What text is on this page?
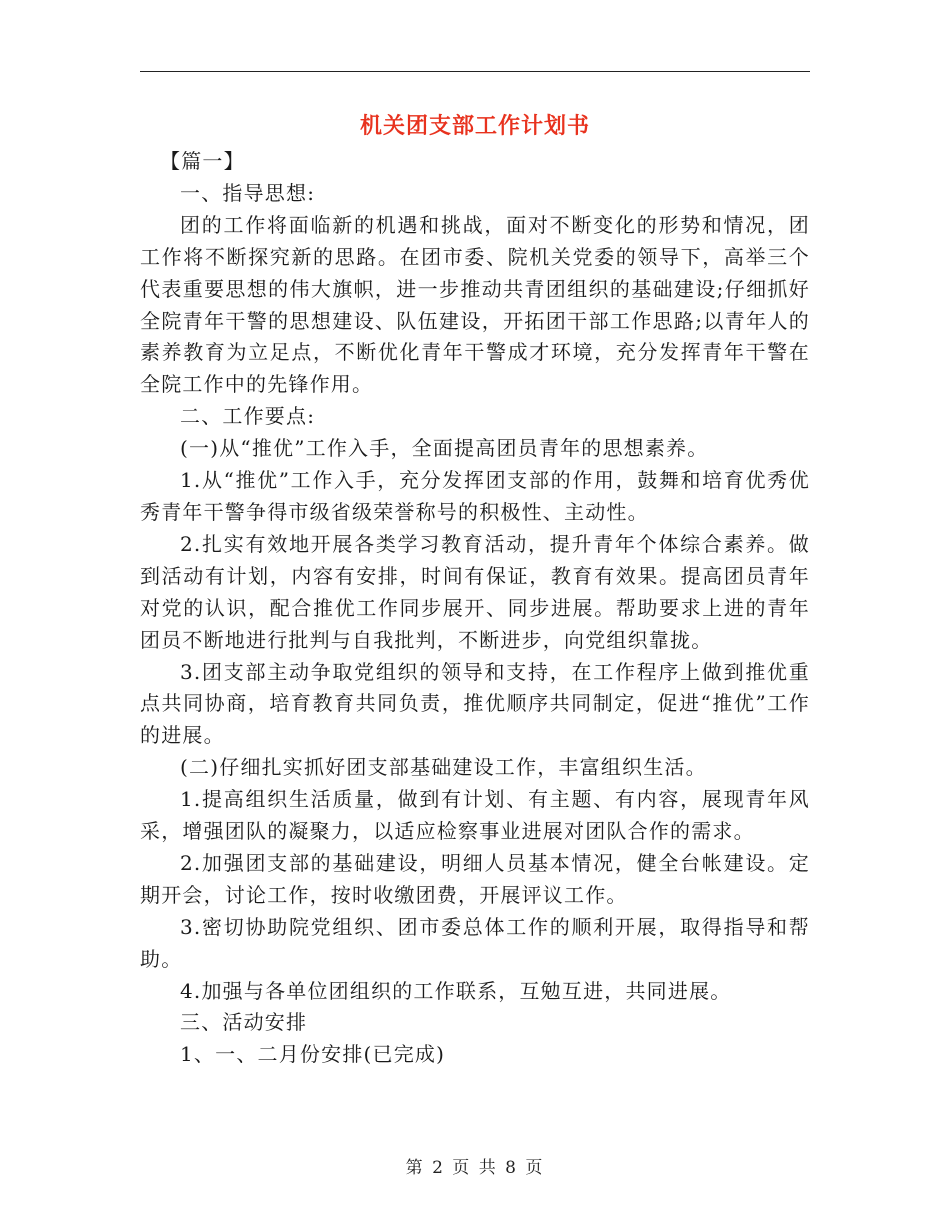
机关团支部工作计划书

【篇一】

一、指导思想:

团的工作将面临新的机遇和挑战，面对不断变化的形势和情况，团工作将不断探究新的思路。在团市委、院机关党委的领导下，高举三个代表重要思想的伟大旗帜，进一步推动共青团组织的基础建设;仔细抓好全院青年干警的思想建设、队伍建设，开拓团干部工作思路;以青年人的素养教育为立足点，不断优化青年干警成才环境，充分发挥青年干警在全院工作中的先锋作用。

二、工作要点:

(一)从“推优”工作入手，全面提高团员青年的思想素养。

1.从“推优”工作入手，充分发挥团支部的作用，鼓舞和培育优秀优秀青年干警争得市级省级荣誉称号的积极性、主动性。

2.扎实有效地开展各类学习教育活动，提升青年个体综合素养。做到活动有计划，内容有安排，时间有保证，教育有效果。提高团员青年对党的认识，配合推优工作同步展开、同步进展。帮助要求上进的青年团员不断地进行批判与自我批判，不断进步，向党组织靠拢。

3.团支部主动争取党组织的领导和支持，在工作程序上做到推优重点共同协商，培育教育共同负责，推优顺序共同制定，促进“推优”工作的进展。

(二)仔细扎实抓好团支部基础建设工作，丰富组织生活。

1.提高组织生活质量，做到有计划、有主题、有内容，展现青年风采，增强团队的凝聚力，以适应检察事业进展对团队合作的需求。

2.加强团支部的基础建设，明细人员基本情况，健全台帐建设。定期开会，讨论工作，按时收缴团费，开展评议工作。

3.密切协助院党组织、团市委总体工作的顺利开展，取得指导和帮助。

4.加强与各单位团组织的工作联系，互勉互进，共同进展。

三、活动安排

1、一、二月份安排(已完成)

第 2 页 共 8 页
